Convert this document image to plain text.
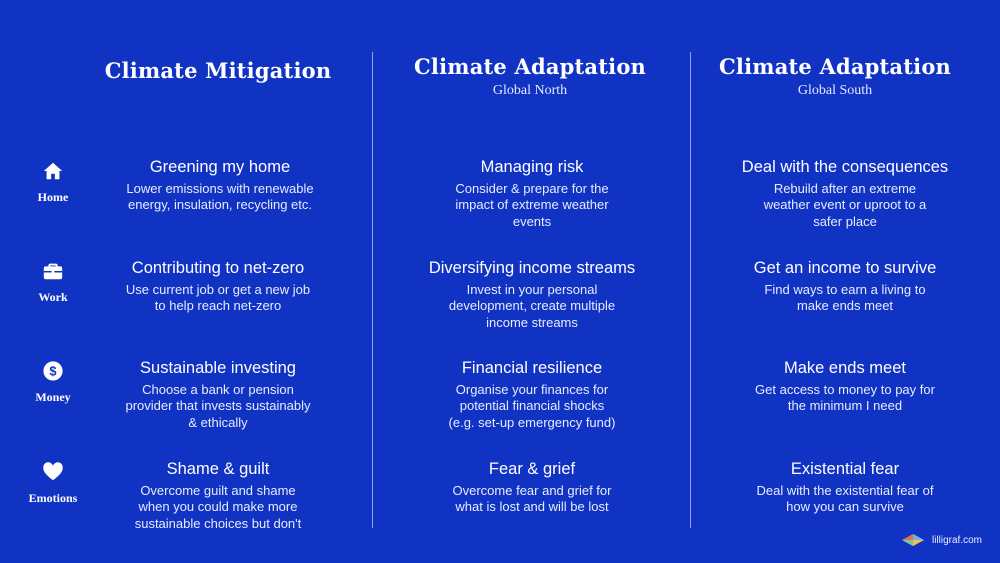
Climate Mitigation	Climate Adaptation
Global North
Climate Adaptation
Global South
Home
Greening my home
Lower emissions with renewable
energy, insulation, recycling etc.
Managing risk
Consider & prepare for the
impact of extreme weather
events
Deal with the consequences
Rebuild after an extreme
weather event or uproot to a
safer place
Work
Contributing to net-zero
Use current job or get a new job
to help reach net-zero
Diversifying income streams
Invest in your personal
development, create multiple
income streams
Get an income to survive
Find ways to earn a living to
make ends meet
$
Money
Sustainable investing
Choose a bank or pension
provider that invests sustainably
& ethically
Financial resilience
Organise your finances for
potential financial shocks
(e.g. set-up emergency fund)
Make ends meet
Get access to money to pay for
the minimum I need
Emotions
Shame & guilt
Overcome guilt and shame
when you could make more
sustainable choices but don't
Fear & grief
Overcome fear and grief for
what is lost and will be lost
Existential fear
Deal with the existential fear of
how you can survive
lilligraf.com
